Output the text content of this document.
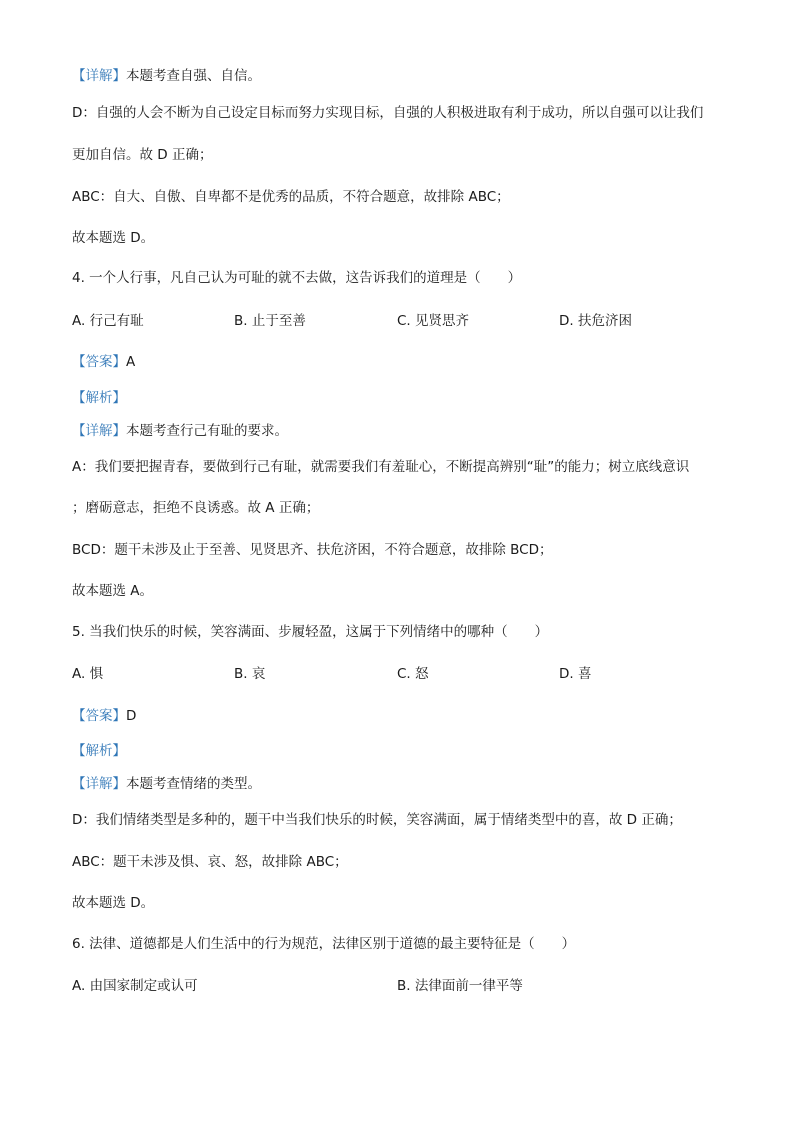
【详解】本题考查自强、自信。
D：自强的人会不断为自己设定目标而努力实现目标，自强的人积极进取有利于成功，所以自强可以让我们
更加自信。故 D 正确；
ABC：自大、自傲、自卑都不是优秀的品质，不符合题意，故排除 ABC；
故本题选 D。
4. 一个人行事，凡自己认为可耻的就不去做，这告诉我们的道理是（　　）
A. 行己有耻	B. 止于至善	C. 见贤思齐	D. 扶危济困
【答案】A
【解析】
【详解】本题考查行己有耻的要求。
A：我们要把握青春，要做到行己有耻，就需要我们有羞耻心，不断提高辨别“耻”的能力；树立底线意识
；磨砺意志，拒绝不良诱惑。故 A 正确；
BCD：题干未涉及止于至善、见贤思齐、扶危济困，不符合题意，故排除 BCD；
故本题选 A。
5. 当我们快乐的时候，笑容满面、步履轻盈，这属于下列情绪中的哪种（　　）
A. 惧	B. 哀	C. 怒	D. 喜
【答案】D
【解析】
【详解】本题考查情绪的类型。
D：我们情绪类型是多种的，题干中当我们快乐的时候，笑容满面，属于情绪类型中的喜，故 D 正确；
ABC：题干未涉及惧、哀、怒，故排除 ABC；
故本题选 D。
6. 法律、道德都是人们生活中的行为规范，法律区别于道德的最主要特征是（　　）
A. 由国家制定或认可	B. 法律面前一律平等
